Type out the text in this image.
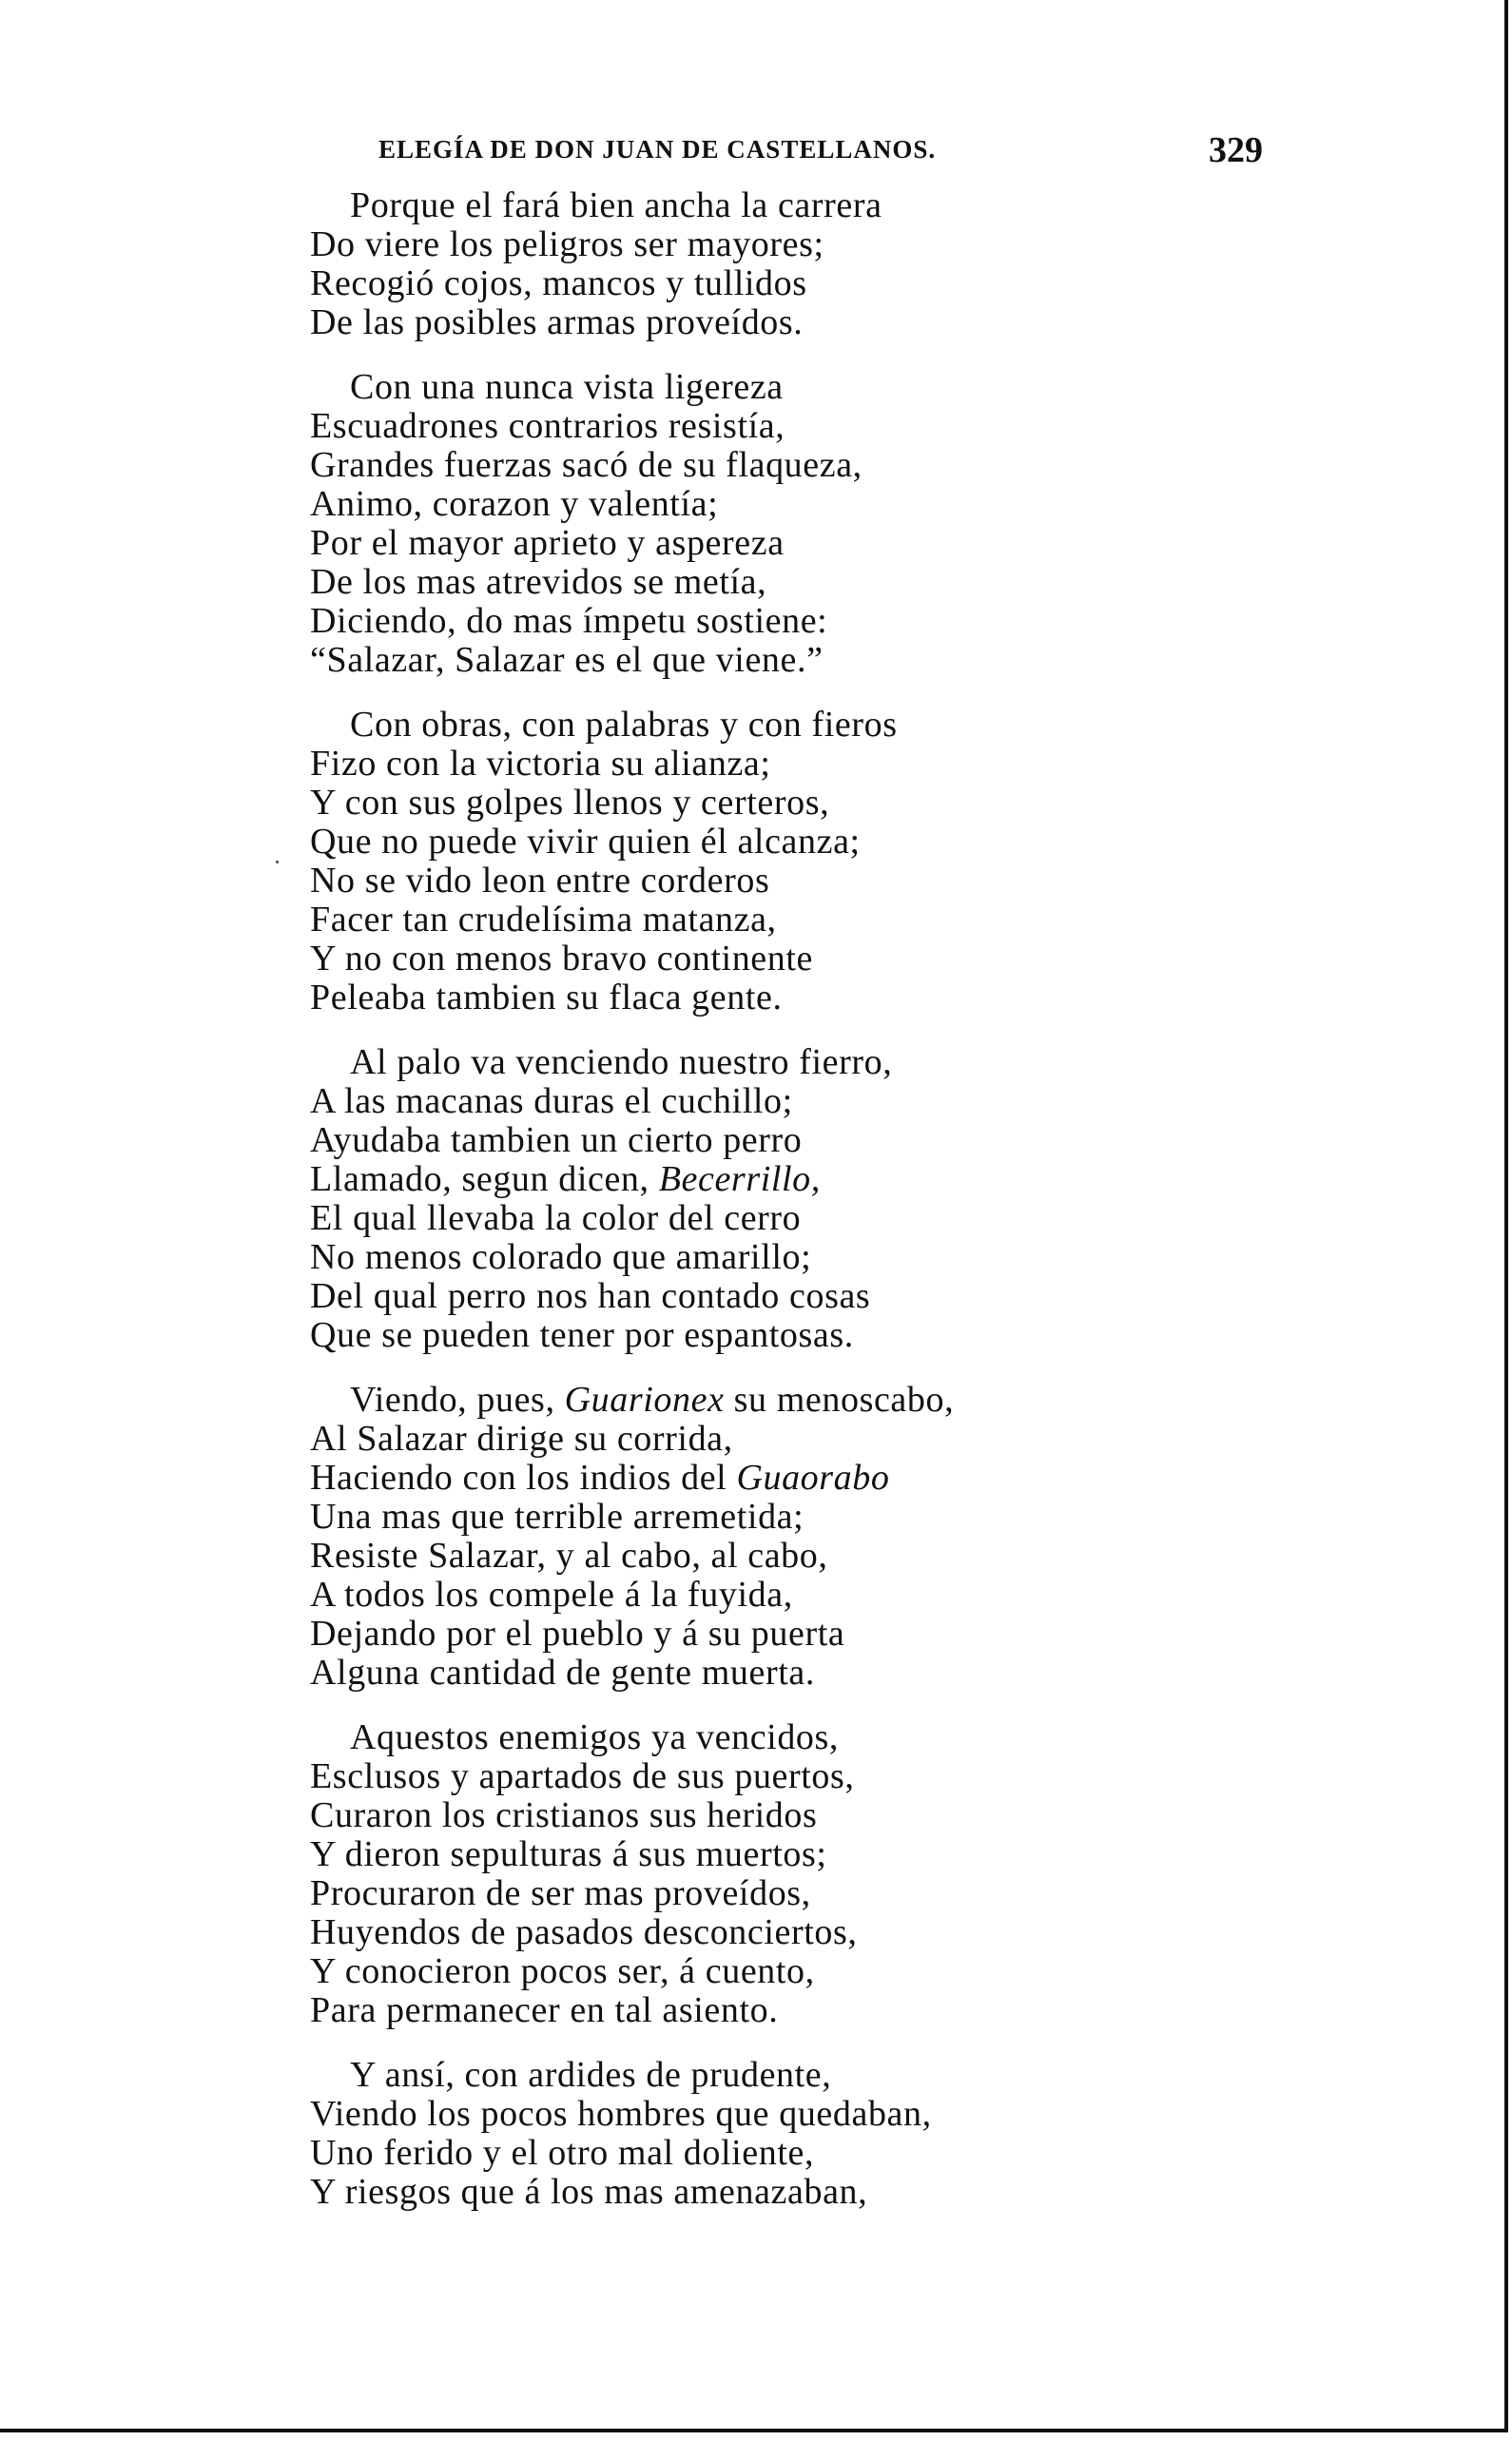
ELEGÍA DE DON JUAN DE CASTELLANOS.	329
Porque el fará bien ancha la carrera
Do viere los peligros ser mayores;
Recogió cojos, mancos y tullidos
De las posibles armas proveídos.
Con una nunca vista ligereza
Escuadrones contrarios resistía,
Grandes fuerzas sacó de su flaqueza,
Animo, corazon y valentía;
Por el mayor aprieto y aspereza
De los mas atrevidos se metía,
Diciendo, do mas ímpetu sostiene:
“Salazar, Salazar es el que viene.”
Con obras, con palabras y con fieros
Fizo con la victoria su alianza;
Y con sus golpes llenos y certeros,
Que no puede vivir quien él alcanza;
No se vido leon entre corderos
Facer tan crudelísima matanza,
Y no con menos bravo continente
Peleaba tambien su flaca gente.
Al palo va venciendo nuestro fierro,
A las macanas duras el cuchillo;
Ayudaba tambien un cierto perro
Llamado, segun dicen, Becerrillo,
El qual llevaba la color del cerro
No menos colorado que amarillo;
Del qual perro nos han contado cosas
Que se pueden tener por espantosas.
Viendo, pues, Guarionex su menoscabo,
Al Salazar dirige su corrida,
Haciendo con los indios del Guaorabo
Una mas que terrible arremetida;
Resiste Salazar, y al cabo, al cabo,
A todos los compele á la fuyida,
Dejando por el pueblo y á su puerta
Alguna cantidad de gente muerta.
Aquestos enemigos ya vencidos,
Esclusos y apartados de sus puertos,
Curaron los cristianos sus heridos
Y dieron sepulturas á sus muertos;
Procuraron de ser mas proveídos,
Huyendos de pasados desconciertos,
Y conocieron pocos ser, á cuento,
Para permanecer en tal asiento.
Y ansí, con ardides de prudente,
Viendo los pocos hombres que quedaban,
Uno ferido y el otro mal doliente,
Y riesgos que á los mas amenazaban,
